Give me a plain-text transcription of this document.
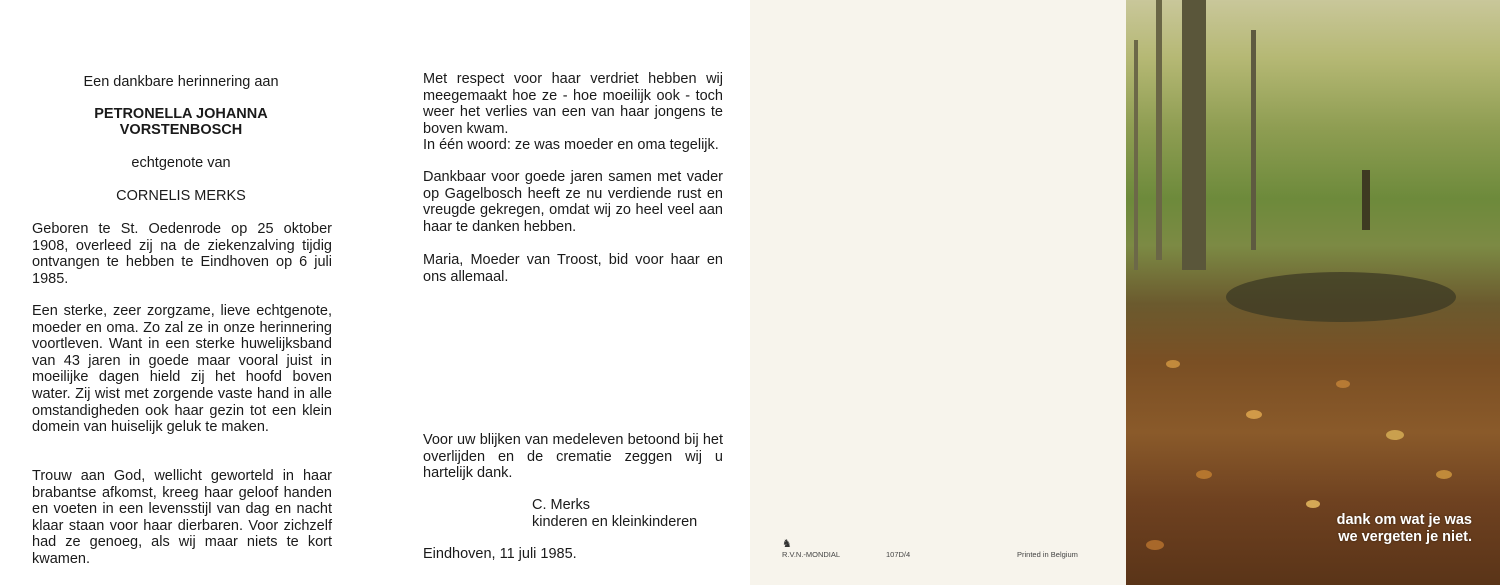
Een dankbare herinnering aan
PETRONELLA JOHANNA
VORSTENBOSCH
echtgenote van
CORNELIS MERKS
Geboren te St. Oedenrode op 25 oktober 1908, overleed zij na de ziekenzalving tijdig ontvangen te hebben te Eindhoven op 6 juli 1985.
Een sterke, zeer zorgzame, lieve echtgenote, moeder en oma. Zo zal ze in onze herinnering voortleven. Want in een sterke huwelijksband van 43 jaren in goede maar vooral juist in moeilijke dagen hield zij het hoofd boven water. Zij wist met zorgende vaste hand in alle omstandigheden ook haar gezin tot een klein domein van huiselijk geluk te maken.
Trouw aan God, wellicht geworteld in haar brabantse afkomst, kreeg haar geloof handen en voeten in een levensstijl van dag en nacht klaar staan voor haar dierbaren. Voor zichzelf had ze genoeg, als wij maar niets te kort kwamen.
Met respect voor haar verdriet hebben wij meegemaakt hoe ze - hoe moeilijk ook - toch weer het verlies van een van haar jongens te boven kwam.
In één woord: ze was moeder en oma tegelijk.
Dankbaar voor goede jaren samen met vader op Gagelbosch heeft ze nu verdiende rust en vreugde gekregen, omdat wij zo heel veel aan haar te danken hebben.
Maria, Moeder van Troost, bid voor haar en ons allemaal.
Voor uw blijken van medeleven betoond bij het overlijden en de crematie zeggen wij u hartelijk dank.
C. Merks
kinderen en kleinkinderen
Eindhoven, 11 juli 1985.
♞
R.V.N.-MONDIAL	107D/4	Printed in Belgium
dank om wat je was
we vergeten je niet.
